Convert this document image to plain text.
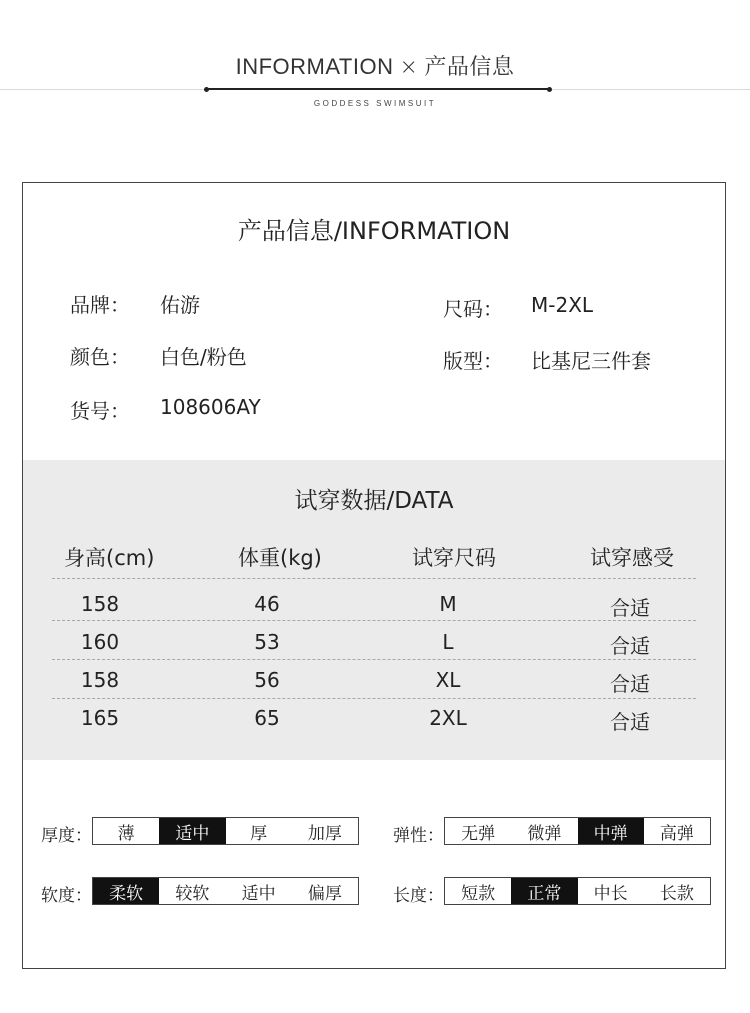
INFORMATION × 产品信息
GODDESS SWIMSUIT
产品信息/INFORMATION
品牌： 佑游	尺码： M-2XL
颜色： 白色/粉色	版型： 比基尼三件套
货号： 108606AY
试穿数据/DATA
身高(cm)	体重(kg)	试穿尺码	试穿感受
158	46	M	合适
160	53	L	合适
158	56	XL	合适
165	65	2XL	合适
厚度：	薄	适中	厚	加厚	弹性：	无弹	微弹	中弹	高弹
软度：	柔软	较软	适中	偏厚	长度：	短款	正常	中长	长款
